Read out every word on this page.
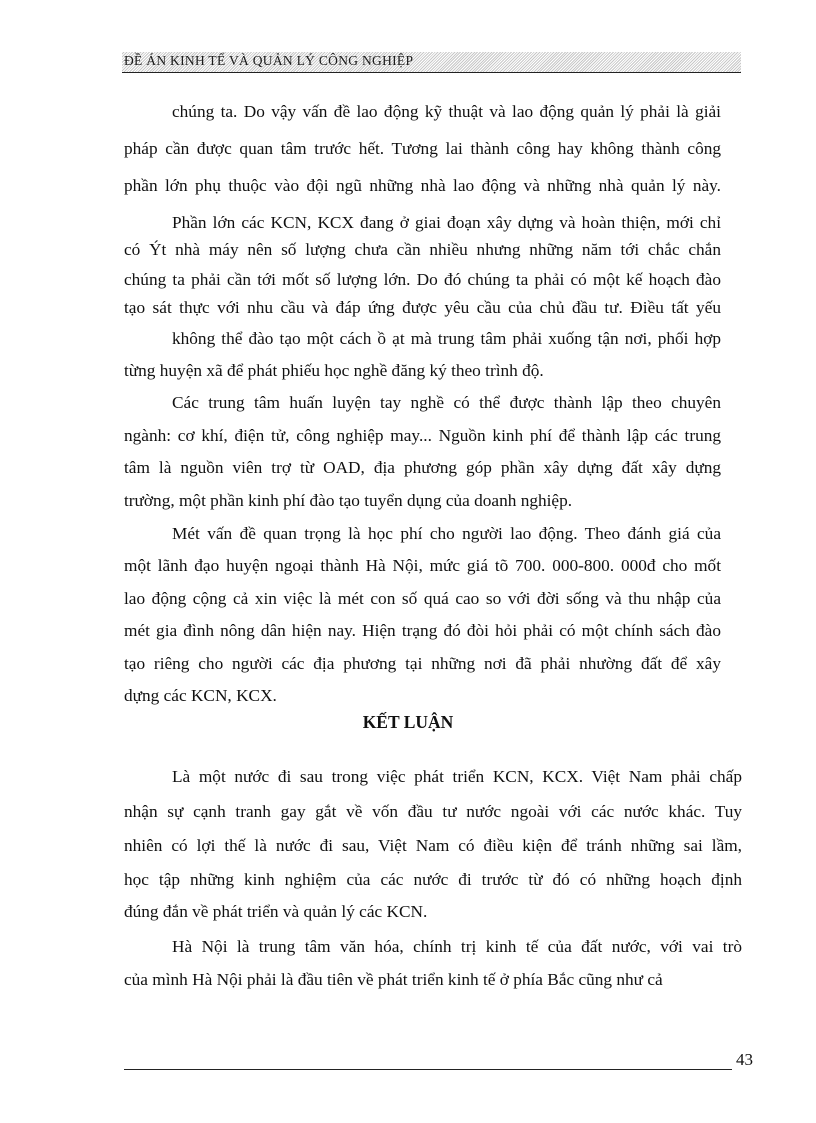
ĐỀ ÁN KINH TẾ VÀ QUẢN LÝ CÔNG NGHIỆP
chúng ta. Do vậy vấn đề lao động kỹ thuật và lao động quản lý phải là giải
pháp cần được quan tâm trước hết. Tương lai thành công hay không thành công
phần lớn phụ thuộc vào đội ngũ những nhà lao động và những nhà quản lý này.
Phần lớn các KCN, KCX đang ở giai đoạn xây dựng và hoàn thiện, mới chỉ
có Ýt nhà máy nên số lượng chưa cần nhiều nhưng những năm tới chắc chắn
chúng ta phải cần tới mốt số lượng lớn. Do đó chúng ta phải có một kế hoạch đào
tạo sát thực với nhu cầu và đáp ứng được yêu cầu của chủ đầu tư. Điều tất yếu
không thể đào tạo một cách ồ ạt mà trung tâm phải xuống tận nơi, phối hợp
từng huyện xã để phát phiếu học nghề đăng ký theo trình độ.
Các trung tâm huấn luyện tay nghề có thể được thành lập theo chuyên
ngành: cơ khí, điện tử, công nghiệp may... Nguồn kinh phí để thành lập các trung
tâm là nguồn viên trợ từ OAD, địa phương góp phần xây dựng đất xây dựng
trường, một phần kinh phí đào tạo tuyển dụng của doanh nghiệp.
Mét vấn đề quan trọng là học phí cho người lao động. Theo đánh giá của
một lãnh đạo huyện ngoại thành Hà Nội, mức giá tõ 700. 000-800. 000đ cho mốt
lao động cộng cả xin việc là mét con số quá cao so với đời sống và thu nhập của
mét gia đình nông dân hiện nay. Hiện trạng đó đòi hỏi phải có một chính sách đào
tạo riêng cho người các địa phương tại những nơi đã phải nhường đất để xây
dựng các KCN, KCX.
KẾT LUẬN
Là một nước đi sau trong việc phát triển KCN, KCX. Việt Nam phải chấp
nhận sự cạnh tranh gay gắt về vốn đầu tư nước ngoài với các nước khác. Tuy
nhiên có lợi thế là nước đi sau, Việt Nam có điều kiện để tránh những sai lầm,
học tập những kinh nghiệm của các nước đi trước từ đó có những hoạch định
đúng đắn về phát triển và quản lý các KCN.
Hà Nội là trung tâm văn hóa, chính trị kinh tế của đất nước, với vai trò
của mình Hà Nội phải là đầu tiên về phát triển kinh tế ở phía Bắc cũng như cả
43
